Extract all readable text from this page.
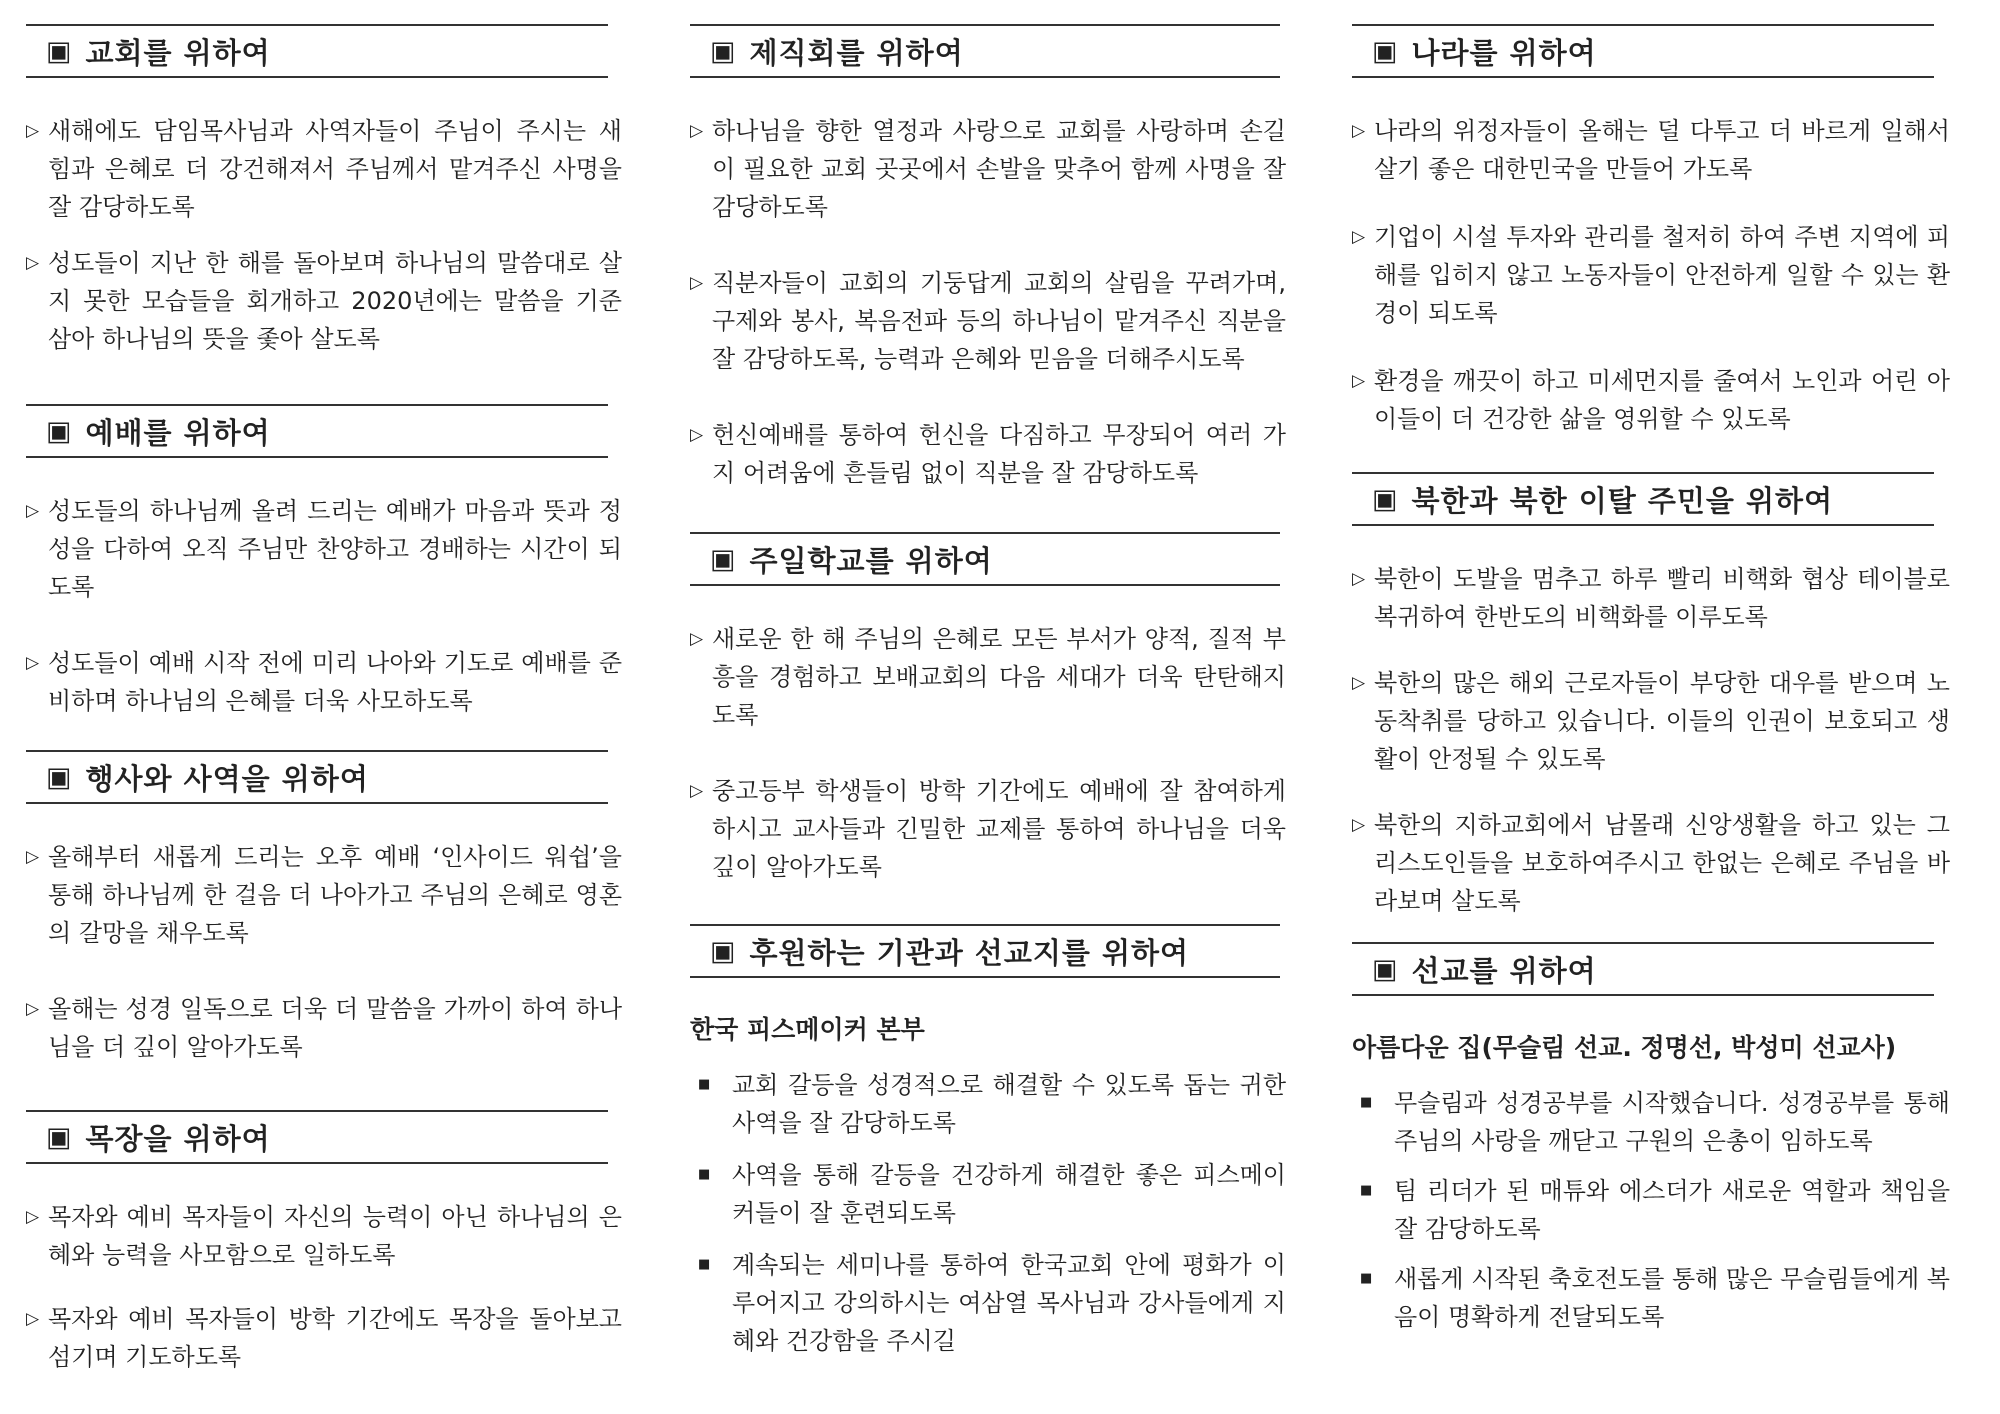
▣ 교회를 위하여
▷ 새해에도 담임목사님과 사역자들이 주님이 주시는 새 힘과 은혜로 더 강건해져서 주님께서 맡겨주신 사명을 잘 감당하도록
▷ 성도들이 지난 한 해를 돌아보며 하나님의 말씀대로 살지 못한 모습들을 회개하고 2020년에는 말씀을 기준 삼아 하나님의 뜻을 좇아 살도록
▣ 예배를 위하여
▷ 성도들의 하나님께 올려 드리는 예배가 마음과 뜻과 정성을 다하여 오직 주님만 찬양하고 경배하는 시간이 되도록
▷ 성도들이 예배 시작 전에 미리 나아와 기도로 예배를 준비하며 하나님의 은혜를 더욱 사모하도록
▣ 행사와 사역을 위하여
▷ 올해부터 새롭게 드리는 오후 예배 ‘인사이드 워쉽’을 통해 하나님께 한 걸음 더 나아가고 주님의 은혜로 영혼의 갈망을 채우도록
▷ 올해는 성경 일독으로 더욱 더 말씀을 가까이 하여 하나님을 더 깊이 알아가도록
▣ 목장을 위하여
▷ 목자와 예비 목자들이 자신의 능력이 아닌 하나님의 은혜와 능력을 사모함으로 일하도록
▷ 목자와 예비 목자들이 방학 기간에도 목장을 돌아보고 섬기며 기도하도록
▣ 제직회를 위하여
▷ 하나님을 향한 열정과 사랑으로 교회를 사랑하며 손길이 필요한 교회 곳곳에서 손발을 맞추어 함께 사명을 잘 감당하도록
▷ 직분자들이 교회의 기둥답게 교회의 살림을 꾸려가며, 구제와 봉사, 복음전파 등의 하나님이 맡겨주신 직분을 잘 감당하도록, 능력과 은혜와 믿음을 더해주시도록
▷ 헌신예배를 통하여 헌신을 다짐하고 무장되어 여러 가지 어려움에 흔들림 없이 직분을 잘 감당하도록
▣ 주일학교를 위하여
▷ 새로운 한 해 주님의 은혜로 모든 부서가 양적, 질적 부흥을 경험하고 보배교회의 다음 세대가 더욱 탄탄해지도록
▷ 중고등부 학생들이 방학 기간에도 예배에 잘 참여하게 하시고 교사들과 긴밀한 교제를 통하여 하나님을 더욱 깊이 알아가도록
▣ 후원하는 기관과 선교지를 위하여
한국 피스메이커 본부
■ 교회 갈등을 성경적으로 해결할 수 있도록 돕는 귀한 사역을 잘 감당하도록
■ 사역을 통해 갈등을 건강하게 해결한 좋은 피스메이커들이 잘 훈련되도록
■ 계속되는 세미나를 통하여 한국교회 안에 평화가 이루어지고 강의하시는 여삼열 목사님과 강사들에게 지혜와 건강함을 주시길
▣ 나라를 위하여
▷ 나라의 위정자들이 올해는 덜 다투고 더 바르게 일해서 살기 좋은 대한민국을 만들어 가도록
▷ 기업이 시설 투자와 관리를 철저히 하여 주변 지역에 피해를 입히지 않고 노동자들이 안전하게 일할 수 있는 환경이 되도록
▷ 환경을 깨끗이 하고 미세먼지를 줄여서 노인과 어린 아이들이 더 건강한 삶을 영위할 수 있도록
▣ 북한과 북한 이탈 주민을 위하여
▷ 북한이 도발을 멈추고 하루 빨리 비핵화 협상 테이블로 복귀하여 한반도의 비핵화를 이루도록
▷ 북한의 많은 해외 근로자들이 부당한 대우를 받으며 노동착취를 당하고 있습니다. 이들의 인권이 보호되고 생활이 안정될 수 있도록
▷ 북한의 지하교회에서 남몰래 신앙생활을 하고 있는 그리스도인들을 보호하여주시고 한없는 은혜로 주님을 바라보며 살도록
▣ 선교를 위하여
아름다운 집(무슬림 선교. 정명선, 박성미 선교사)
■ 무슬림과 성경공부를 시작했습니다. 성경공부를 통해 주님의 사랑을 깨닫고 구원의 은총이 임하도록
■ 팀 리더가 된 매튜와 에스더가 새로운 역할과 책임을 잘 감당하도록
■ 새롭게 시작된 축호전도를 통해 많은 무슬림들에게 복음이 명확하게 전달되도록
